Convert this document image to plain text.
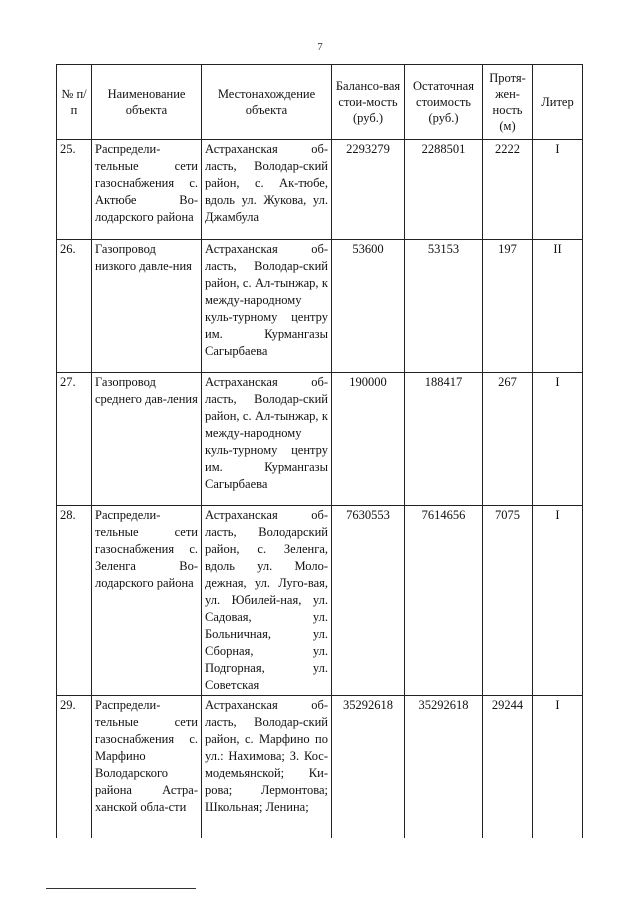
7
№ п/п	Наименование объекта	Местонахождение объекта	Балансо-вая стои-мость (руб.)	Остаточная стоимость (руб.)	Протя-жен-ность (м)	Литер
25.	Распредели-тельные сети газоснабжения с. Актюбе Во-лодарского района	Астраханская об-ласть, Володар-ский район, с. Ак-тюбе, вдоль ул. Жукова, ул. Джамбула	2293279	2288501	2222	I
26.	Газопровод низкого давле-ния	Астраханская об-ласть, Володар-ский район, с. Ал-тынжар, к между-народному куль-турному центру им. Курмангазы Сагырбаева	53600	53153	197	II
27.	Газопровод среднего дав-ления	Астраханская об-ласть, Володар-ский район, с. Ал-тынжар, к между-народному куль-турному центру им. Курмангазы Сагырбаева	190000	188417	267	I
28.	Распредели-тельные сети газоснабжения с. Зеленга Во-лодарского района	Астраханская об-ласть, Володарский район, с. Зеленга, вдоль ул. Моло-дежная, ул. Луго-вая, ул. Юбилей-ная, ул. Садовая, ул. Больничная, ул. Сборная, ул. Подгорная, ул. Советская	7630553	7614656	7075	I
29.	Распредели-тельные сети газоснабжения с. Марфино Володарского района Астра-ханской обла-сти	Астраханская об-ласть, Володар-ский район, с. Марфино по ул.: Нахимова; З. Кос-модемьянской; Ки-рова; Лермонтова; Школьная; Ленина;	35292618	35292618	29244	I
